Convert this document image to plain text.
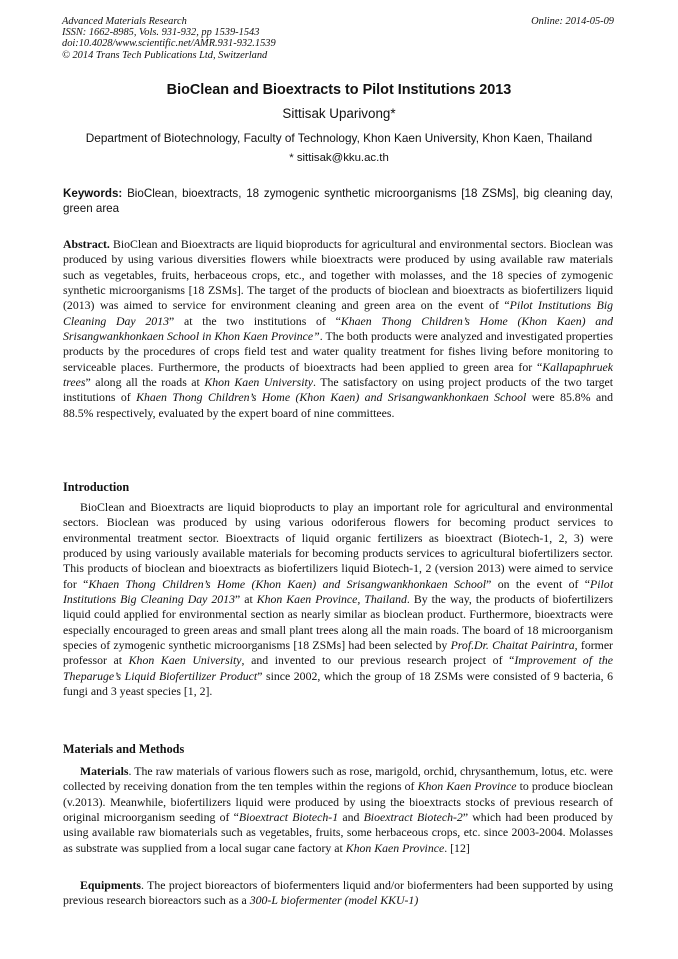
Advanced Materials Research
ISSN: 1662-8985, Vols. 931-932, pp 1539-1543
doi:10.4028/www.scientific.net/AMR.931-932.1539
© 2014 Trans Tech Publications Ltd, Switzerland
Online: 2014-05-09
BioClean and Bioextracts to Pilot Institutions 2013
Sittisak Uparivong*
Department of Biotechnology, Faculty of Technology, Khon Kaen University, Khon Kaen, Thailand
* sittisak@kku.ac.th
Keywords: BioClean, bioextracts, 18 zymogenic synthetic microorganisms [18 ZSMs], big cleaning day, green area
Abstract. BioClean and Bioextracts are liquid bioproducts for agricultural and environmental sectors. Bioclean was produced by using various diversities flowers while bioextracts were produced by using available raw materials such as vegetables, fruits, herbaceous crops, etc., and together with molasses, and the 18 species of zymogenic synthetic microorganisms [18 ZSMs]. The target of the products of bioclean and bioextracts as biofertilizers liquid (2013) was aimed to service for environment cleaning and green area on the event of “Pilot Institutions Big Cleaning Day 2013” at the two institutions of “Khaen Thong Children’s Home (Khon Kaen) and Srisangwankhonkaen School in Khon Kaen Province”. The both products were analyzed and investigated properties products by the procedures of crops field test and water quality treatment for fishes living before monitoring to serviceable places. Furthermore, the products of bioextracts had been applied to green area for “Kallapaphruek trees” along all the roads at Khon Kaen University. The satisfactory on using project products of the two target institutions of Khaen Thong Children’s Home (Khon Kaen) and Srisangwankhonkaen School were 85.8% and 88.5% respectively, evaluated by the expert board of nine committees.
Introduction
BioClean and Bioextracts are liquid bioproducts to play an important role for agricultural and environmental sectors. Bioclean was produced by using various odoriferous flowers for becoming product services to environmental treatment sector. Bioextracts of liquid organic fertilizers as bioextract (Biotech-1, 2, 3) were produced by using variously available materials for becoming products services to agricultural biofertilizers sector. This products of bioclean and bioextracts as biofertilizers liquid Biotech-1, 2 (version 2013) were aimed to service for “Khaen Thong Children’s Home (Khon Kaen) and Srisangwankhonkaen School” on the event of “Pilot Institutions Big Cleaning Day 2013” at Khon Kaen Province, Thailand. By the way, the products of biofertilizers liquid could applied for environmental section as nearly similar as bioclean product. Furthermore, bioextracts were especially encouraged to green areas and small plant trees along all the main roads. The board of 18 microorganism species of zymogenic synthetic microorganisms [18 ZSMs] had been selected by Prof.Dr. Chaitat Pairintra, former professor at Khon Kaen University, and invented to our previous research project of “Improvement of the Theparuge’s Liquid Biofertilizer Product” since 2002, which the group of 18 ZSMs were consisted of 9 bacteria, 6 fungi and 3 yeast species [1, 2].
Materials and Methods
Materials. The raw materials of various flowers such as rose, marigold, orchid, chrysanthemum, lotus, etc. were collected by receiving donation from the ten temples within the regions of Khon Kaen Province to produce bioclean (v.2013). Meanwhile, biofertilizers liquid were produced by using the bioextracts stocks of previous research of original microorganism seeding of “Bioextract Biotech-1 and Bioextract Biotech-2” which had been produced by using available raw biomaterials such as vegetables, fruits, some herbaceous crops, etc. since 2003-2004. Molasses as substrate was supplied from a local sugar cane factory at Khon Kaen Province. [12]
Equipments. The project bioreactors of biofermenters liquid and/or biofermenters had been supported by using previous research bioreactors such as a 300-L biofermenter (model KKU-1)
